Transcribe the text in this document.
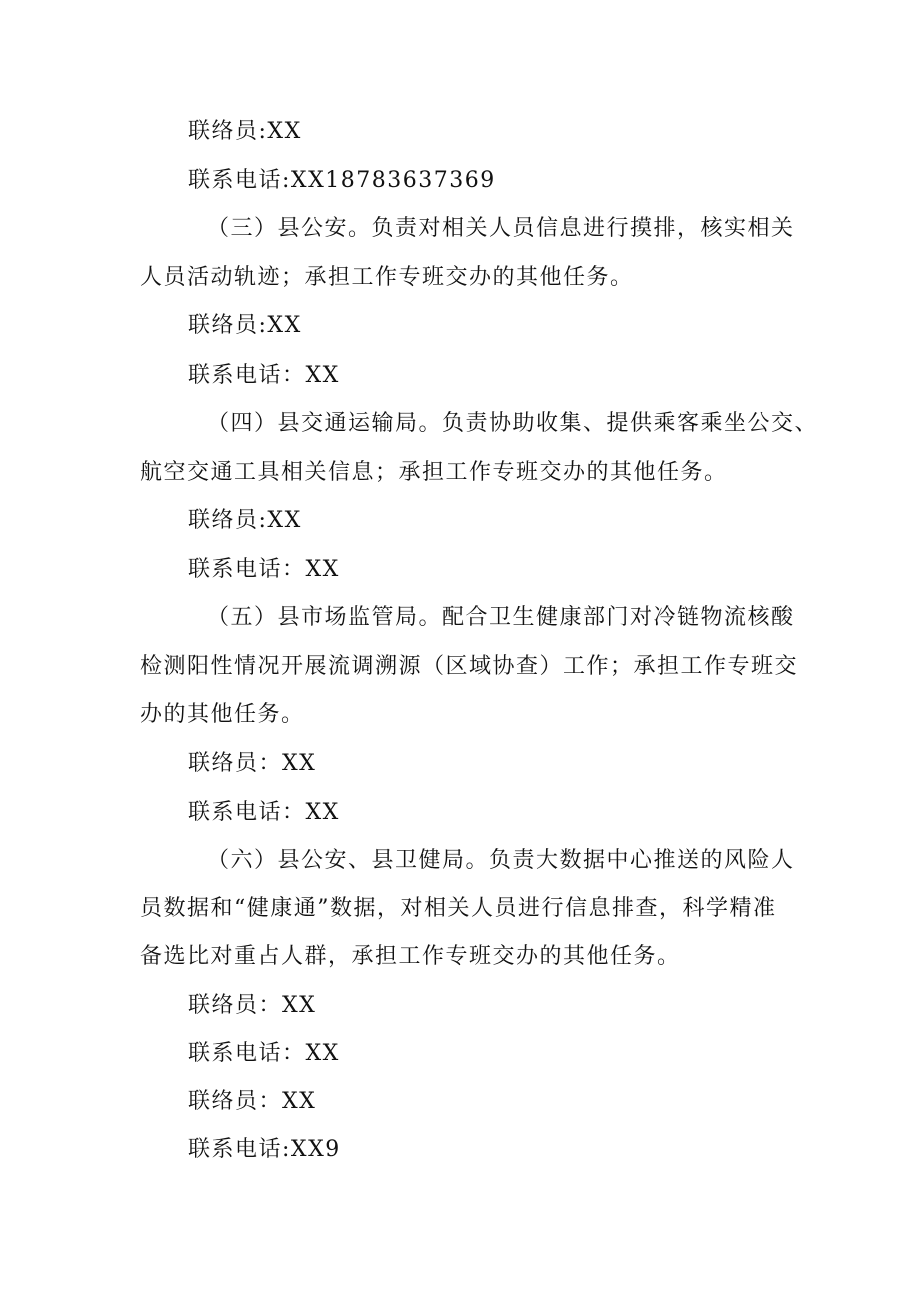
联络员:XX
联系电话:XX18783637369
（三）县公安。负责对相关人员信息进行摸排，核实相关
人员活动轨迹；承担工作专班交办的其他任务。
联络员:XX
联系电话：XX
（四）县交通运输局。负责协助收集、提供乘客乘坐公交、
航空交通工具相关信息；承担工作专班交办的其他任务。
联络员:XX
联系电话：XX
（五）县市场监管局。配合卫生健康部门对冷链物流核酸
检测阳性情况开展流调溯源（区域协查）工作；承担工作专班交
办的其他任务。
联络员：XX
联系电话：XX
（六）县公安、县卫健局。负责大数据中心推送的风险人
员数据和“健康通”数据，对相关人员进行信息排查，科学精准
备选比对重占人群，承担工作专班交办的其他任务。
联络员：XX
联系电话：XX
联络员：XX
联系电话:XX9
